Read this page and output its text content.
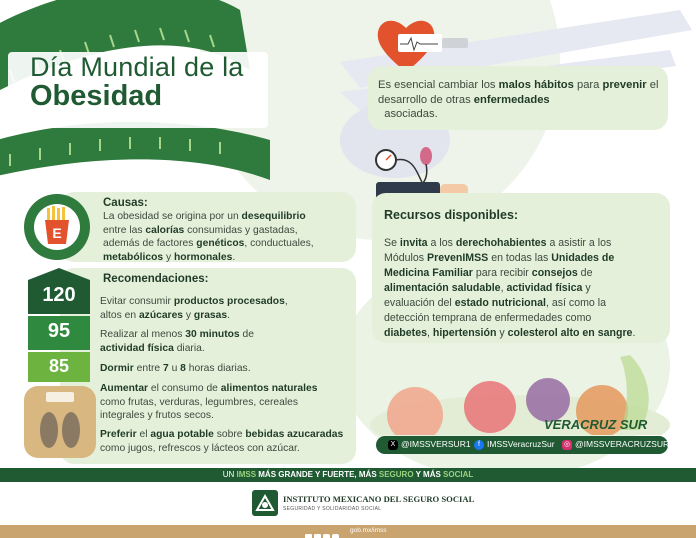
Día Mundial de la
Obesidad	Es esencial cambiar los malos hábitos para prevenir el desarrollo de otras enfermedades
asociadas.
Recursos disponibles:
Se invita a los derechohabientes a asistir a los
Módulos PrevenIMSS en todas las Unidades de
Medicina Familiar para recibir consejos de
alimentación saludable, actividad física y
evaluación del estado nutricional, así como la
detección temprana de enfermedades como
diabetes, hipertensión y colesterol alto en sangre.
VERACRUZ SUR
X @IMSSVERSUR1	f IMSSVeracruzSur ◎ @IMSSVERACRUZSUR
E
Causas:
La obesidad se origina por un desequilibrio
entre las calorías consumidas y gastadas,
además de factores genéticos, conductuales,
metabólicos y hormonales.
120
95
85
Recomendaciones:
Evitar consumir productos procesados,
altos en azúcares y grasas.
Realizar al menos 30 minutos de
actividad física diaria.
Dormir entre 7 u 8 horas diarias.
Aumentar el consumo de alimentos naturales
como frutas, verduras, legumbres, cereales
integrales y frutos secos.
Preferir el agua potable sobre bebidas azucaradas
como jugos, refrescos y lácteos con azúcar.
UN IMSS MÁS GRANDE Y FUERTE, MÁS SEGURO Y MÁS SOCIAL
INSTITUTO MEXICANO DEL SEGURO SOCIAL
SEGURIDAD Y SOLIDARIDAD SOCIAL
gob.mx/imss
